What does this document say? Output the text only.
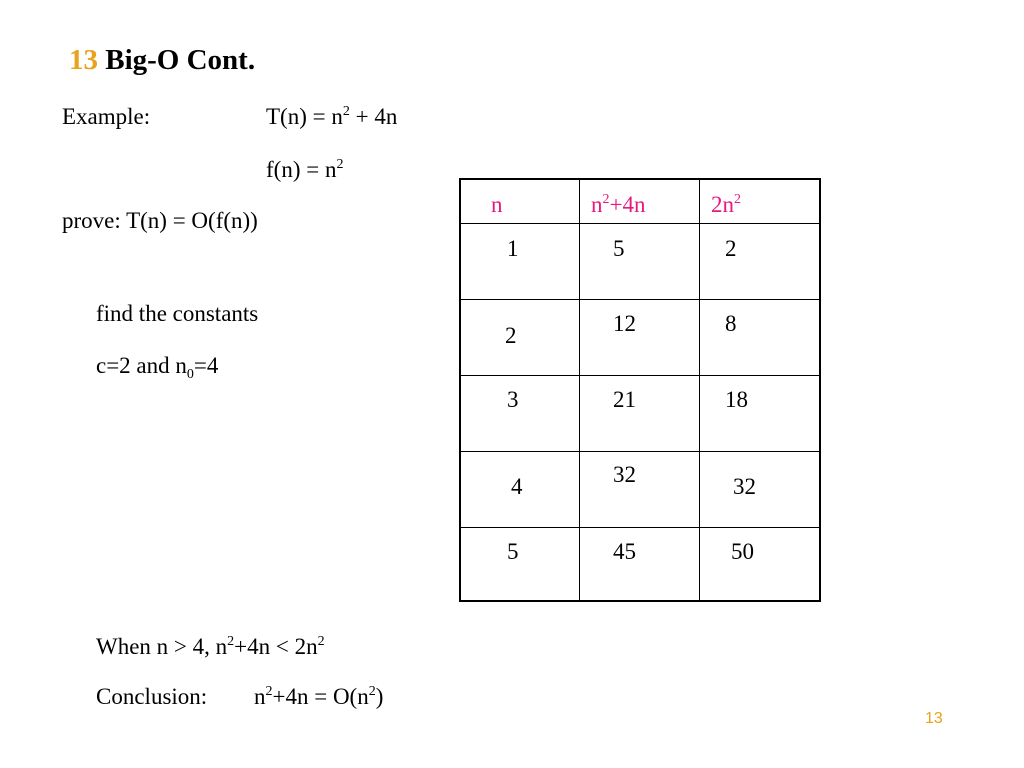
13 Big-O Cont.
Example:	$T(n) = n^2 + 4n$
$f(n) = n^2$
prove: T(n) = O(f(n))
find the constants
c=2 and $n_0=4$
When n > 4, $n^2+4n < 2n^2$
Conclusion: $n^2+4n = O(n^2)$
n	$n^2+4n$	$2n^2$
1	5	2
2	12	8
3	21	18
4	32	32
5	45	50
13
